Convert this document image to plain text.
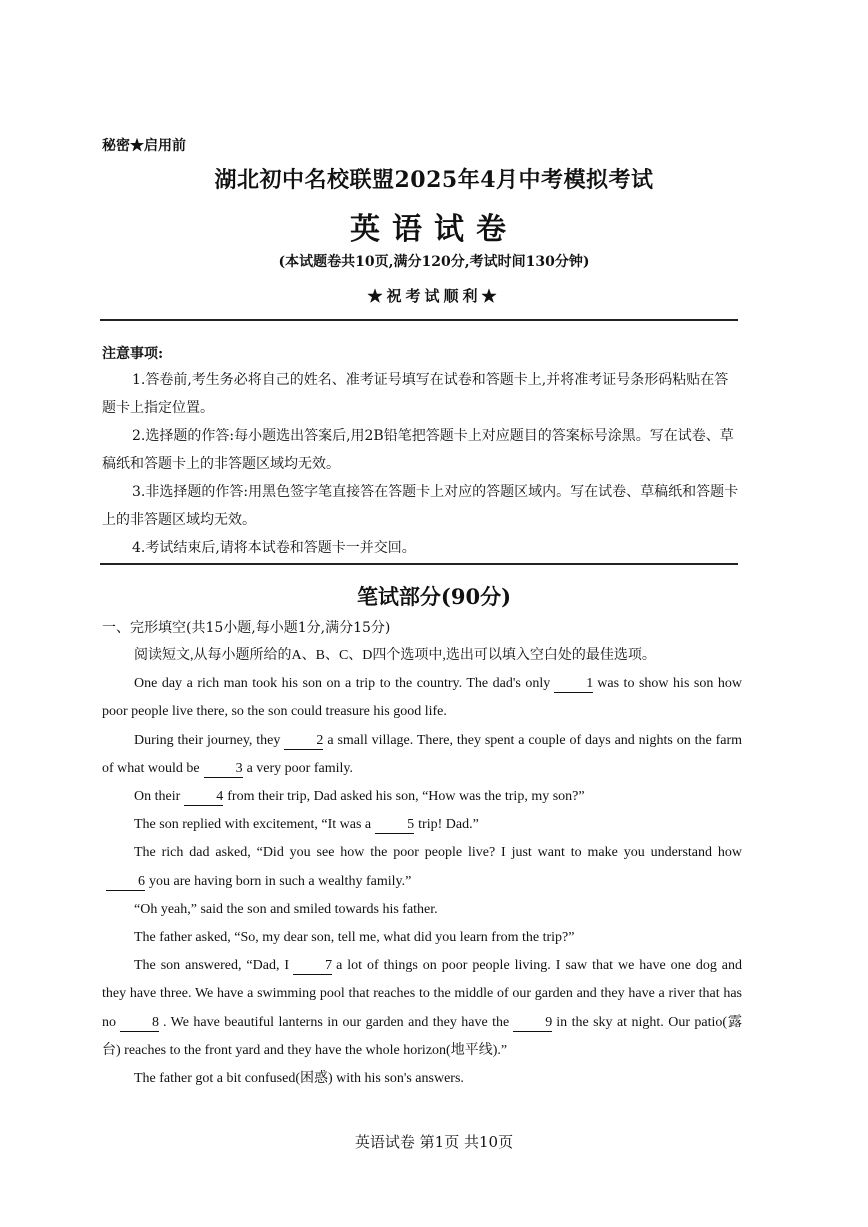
秘密★启用前
湖北初中名校联盟2025年4月中考模拟考试
英语试卷
(本试题卷共10页,满分120分,考试时间130分钟)
★祝考试顺利★
注意事项:

1.答卷前,考生务必将自己的姓名、准考证号填写在试卷和答题卡上,并将准考证号条形码粘贴在答题卡上指定位置。

2.选择题的作答:每小题选出答案后,用2B铅笔把答题卡上对应题目的答案标号涂黑。写在试卷、草稿纸和答题卡上的非答题区域均无效。

3.非选择题的作答:用黑色签字笔直接答在答题卡上对应的答题区域内。写在试卷、草稿纸和答题卡上的非答题区域均无效。

4.考试结束后,请将本试卷和答题卡一并交回。

笔试部分(90分)
一、完形填空(共15小题,每小题1分,满分15分)

阅读短文,从每小题所给的A、B、C、D四个选项中,选出可以填入空白处的最佳选项。

One day a rich man took his son on a trip to the country. The dad's only	1 was to show his son how poor people live there, so the son could treasure his good life.

During their journey, they	2 a small village. There, they spent a couple of days and nights on the farm of what would be	3 a very poor family.

On their	4 from their trip, Dad asked his son, “How was the trip, my son?”

The son replied with excitement, “It was a	5 trip! Dad.”

The rich dad asked, “Did you see how the poor people live? I just want to make you understand how6 you are having born in such a wealthy family.”

“Oh yeah,” said the son and smiled towards his father.

The father asked, “So, my dear son, tell me, what did you learn from the trip?”

The son answered, “Dad, I	7 a lot of things on poor people living. I saw that we have one dog and they have three. We have a swimming pool that reaches to the middle of our garden and they have a river that has no	8 . We have beautiful lanterns in our garden and they have the	9 in the sky at night. Our patio(露台) reaches to the front yard and they have the whole horizon(地平线).”

The father got a bit confused(困惑) with his son's answers.

英语试卷 第1页 共10页
